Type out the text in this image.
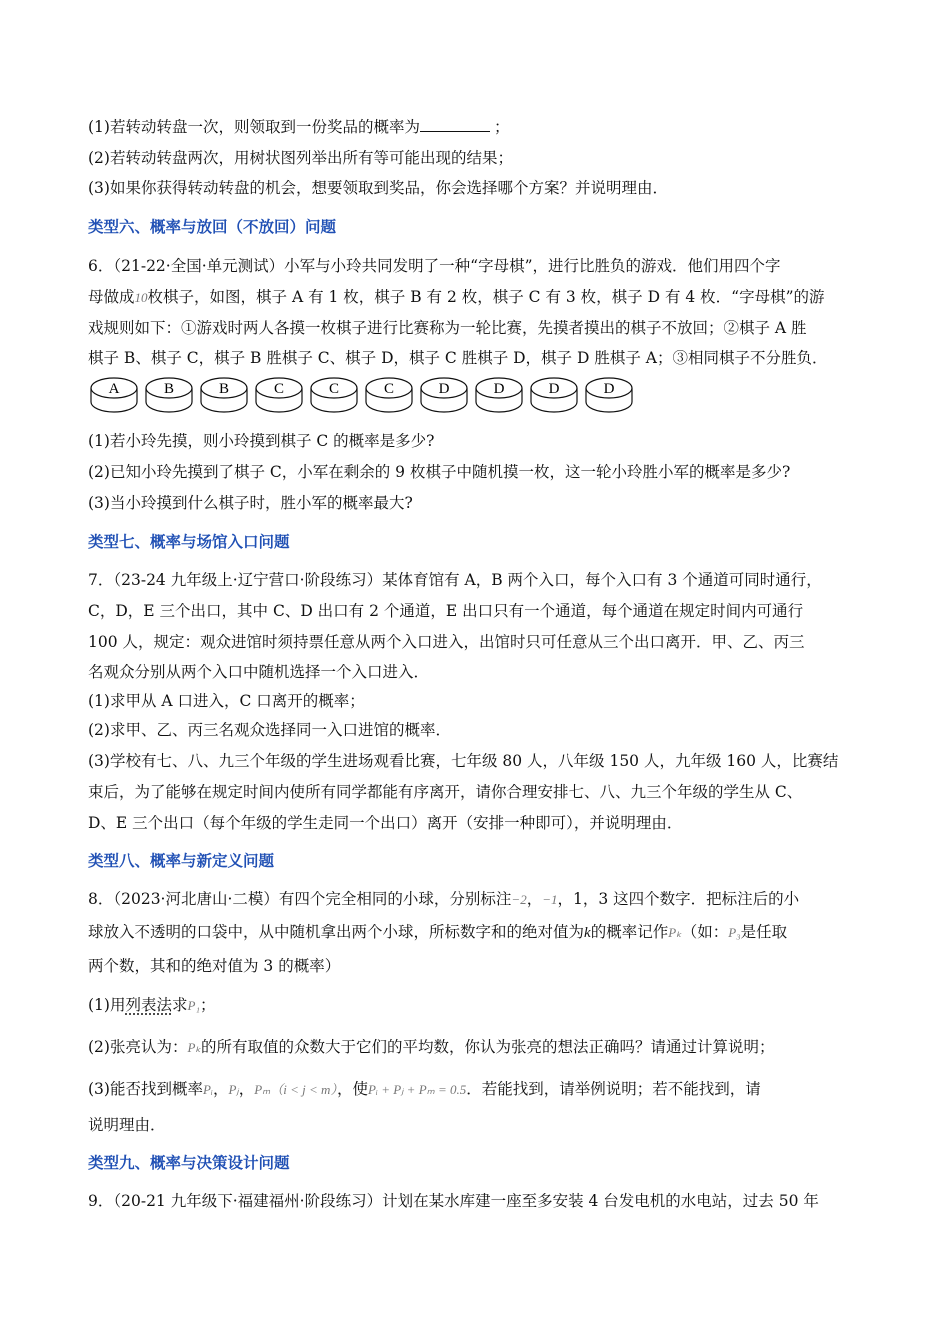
(1)若转动转盘一次，则领取到一份奖品的概率为	；
(2)若转动转盘两次，用树状图列举出所有等可能出现的结果；
(3)如果你获得转动转盘的机会，想要领取到奖品，你会选择哪个方案？并说明理由．
类型六、概率与放回（不放回）问题
6．（21-22·全国·单元测试）小军与小玲共同发明了一种“字母棋”，进行比胜负的游戏．他们用四个字
母做成10枚棋子，如图，棋子 A 有 1 枚，棋子 B 有 2 枚，棋子 C 有 3 枚，棋子 D 有 4 枚．“字母棋”的游
戏规则如下：①游戏时两人各摸一枚棋子进行比赛称为一轮比赛，先摸者摸出的棋子不放回；②棋子 A 胜
棋子 B、棋子 C，棋子 B 胜棋子 C、棋子 D，棋子 C 胜棋子 D，棋子 D 胜棋子 A；③相同棋子不分胜负．
A	B	B	C	C	C	D	D	D	D
(1)若小玲先摸，则小玲摸到棋子 C 的概率是多少?
(2)已知小玲先摸到了棋子 C，小军在剩余的 9 枚棋子中随机摸一枚，这一轮小玲胜小军的概率是多少?
(3)当小玲摸到什么棋子时，胜小军的概率最大?
类型七、概率与场馆入口问题
7．（23-24 九年级上·辽宁营口·阶段练习）某体育馆有 A，B 两个入口，每个入口有 3 个通道可同时通行，
C，D，E 三个出口，其中 C、D 出口有 2 个通道，E 出口只有一个通道，每个通道在规定时间内可通行
100 人，规定：观众进馆时须持票任意从两个入口进入，出馆时只可任意从三个出口离开．甲、乙、丙三
名观众分别从两个入口中随机选择一个入口进入．
(1)求甲从 A 口进入，C 口离开的概率；
(2)求甲、乙、丙三名观众选择同一入口进馆的概率．
(3)学校有七、八、九三个年级的学生进场观看比赛，七年级 80 人，八年级 150 人，九年级 160 人，比赛结
束后，为了能够在规定时间内使所有同学都能有序离开，请你合理安排七、八、九三个年级的学生从 C、
D、E 三个出口（每个年级的学生走同一个出口）离开（安排一种即可），并说明理由．
类型八、概率与新定义问题
8．（2023·河北唐山·二模）有四个完全相同的小球，分别标注−2，−1，1，3 这四个数字．把标注后的小
球放入不透明的口袋中，从中随机拿出两个小球，所标数字和的绝对值为k的概率记作Pₖ（如：P₃是任取
两个数，其和的绝对值为 3 的概率）
(1)用列表法求P₁；
(2)张亮认为：Pₖ的所有取值的众数大于它们的平均数，你认为张亮的想法正确吗？请通过计算说明；
(3)能否找到概率Pᵢ，Pⱼ，Pₘ（i < j < m），使Pᵢ + Pⱼ + Pₘ = 0.5．若能找到，请举例说明；若不能找到，请
说明理由．
类型九、概率与决策设计问题
9．（20-21 九年级下·福建福州·阶段练习）计划在某水库建一座至多安装 4 台发电机的水电站，过去 50 年
